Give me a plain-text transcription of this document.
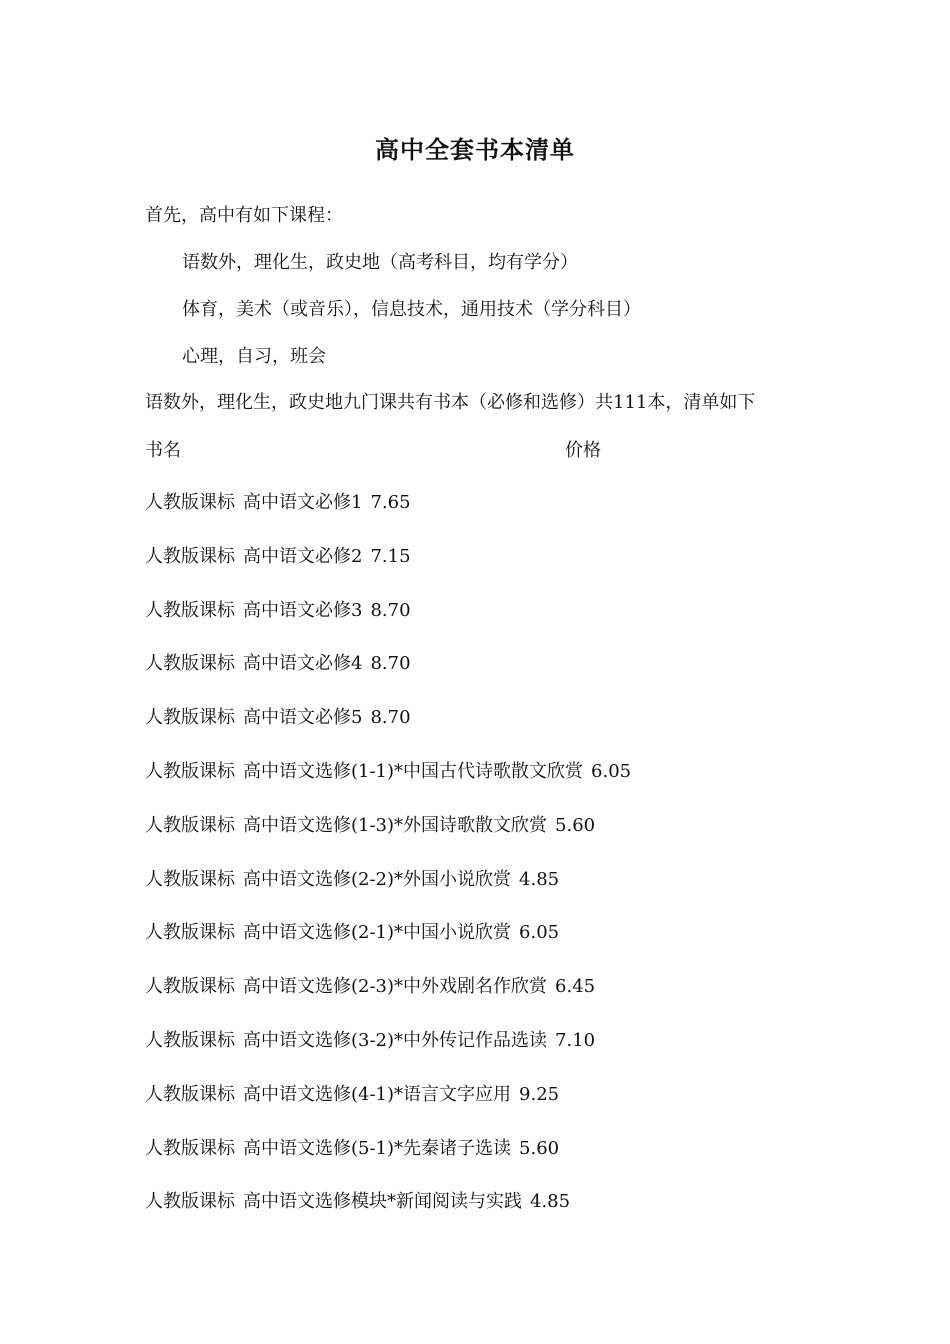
高中全套书本清单
首先，高中有如下课程：
语数外，理化生，政史地（高考科目，均有学分）
体育，美术（或音乐），信息技术，通用技术（学分科目）
心理，自习，班会
语数外，理化生，政史地九门课共有书本（必修和选修）共111本，清单如下
书名	价格
人教版课标 高中语文必修1 7.65
人教版课标 高中语文必修2 7.15
人教版课标 高中语文必修3 8.70
人教版课标 高中语文必修4 8.70
人教版课标 高中语文必修5 8.70
人教版课标 高中语文选修(1-1)*中国古代诗歌散文欣赏 6.05
人教版课标 高中语文选修(1-3)*外国诗歌散文欣赏 5.60
人教版课标 高中语文选修(2-2)*外国小说欣赏 4.85
人教版课标 高中语文选修(2-1)*中国小说欣赏 6.05
人教版课标 高中语文选修(2-3)*中外戏剧名作欣赏 6.45
人教版课标 高中语文选修(3-2)*中外传记作品选读 7.10
人教版课标 高中语文选修(4-1)*语言文字应用 9.25
人教版课标 高中语文选修(5-1)*先秦诸子选读 5.60
人教版课标 高中语文选修模块*新闻阅读与实践 4.85
